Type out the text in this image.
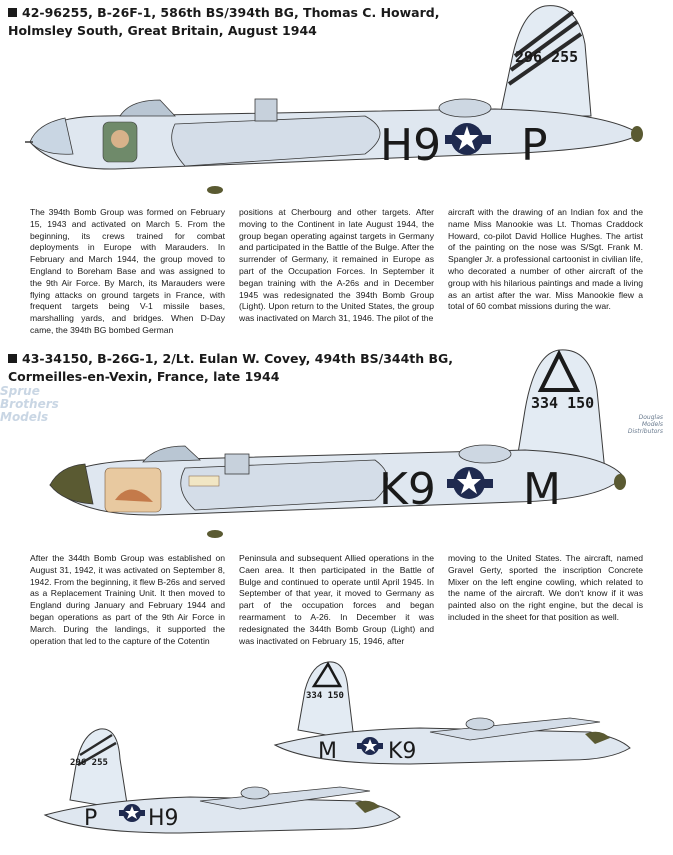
42-96255, B-26F-1, 586th BS/394th BG, Thomas C. Howard,
Holmsley South, Great Britain, August 1944
296 255
H9 P
The 394th Bomb Group was formed on February 15, 1943 and activated on March 5. From the beginning, its crews trained for combat deployments in Europe with Marauders. In February and March 1944, the group moved to England to Boreham Base and was assigned to the 9th Air Force. By March, its Marauders were flying attacks on ground targets in France, with frequent targets being V-1 missile bases, marshalling yards, and bridges. When D-Day came, the 394th BG bombed German
positions at Cherbourg and other targets. After moving to the Continent in late August 1944, the group began operating against targets in Germany and participated in the Battle of the Bulge. After the surrender of Germany, it remained in Europe as part of the Occupation Forces. In September it began training with the A-26s and in December 1945 was redesignated the 394th Bomb Group (Light). Upon return to the United States, the group was inactivated on March 31, 1946. The pilot of the
aircraft with the drawing of an Indian fox and the name Miss Manookie was Lt. Thomas Craddock Howard, co-pilot David Hollice Hughes. The artist of the painting on the nose was S/Sgt. Frank M. Spangler Jr. a professional cartoonist in civilian life, who decorated a number of other aircraft of the group with his hilarious paintings and made a living as an artist after the war. Miss Manookie flew a total of 60 combat missions during the war.
43-34150, B-26G-1, 2/Lt. Eulan W. Covey, 494th BS/344th BG,
Cormeilles-en-Vexin, France, late 1944
Sprue
Brothers
Models	Douglas
Models
Distributors
334 150
K9 M
After the 344th Bomb Group was established on August 31, 1942, it was activated on September 8, 1942. From the beginning, it flew B-26s and served as a Replacement Training Unit. It then moved to England during January and February 1944 and began operations as part of the 9th Air Force in March. During the landings, it supported the operation that led to the capture of the Cotentin
Peninsula and subsequent Allied operations in the Caen area. It then participated in the Battle of Bulge and continued to operate until April 1945. In September of that year, it moved to Germany as part of the occupation forces and began rearmament to A-26. In December it was redesignated the 344th Bomb Group (Light) and was inactivated on February 15, 1946, after
moving to the United States. The aircraft, named Gravel Gerty, sported the inscription Concrete Mixer on the left engine cowling, which related to the name of the aircraft. We don't know if it was painted also on the right engine, but the decal is included in the sheet for that position as well.
334 150
M K9
296 255
P H9
